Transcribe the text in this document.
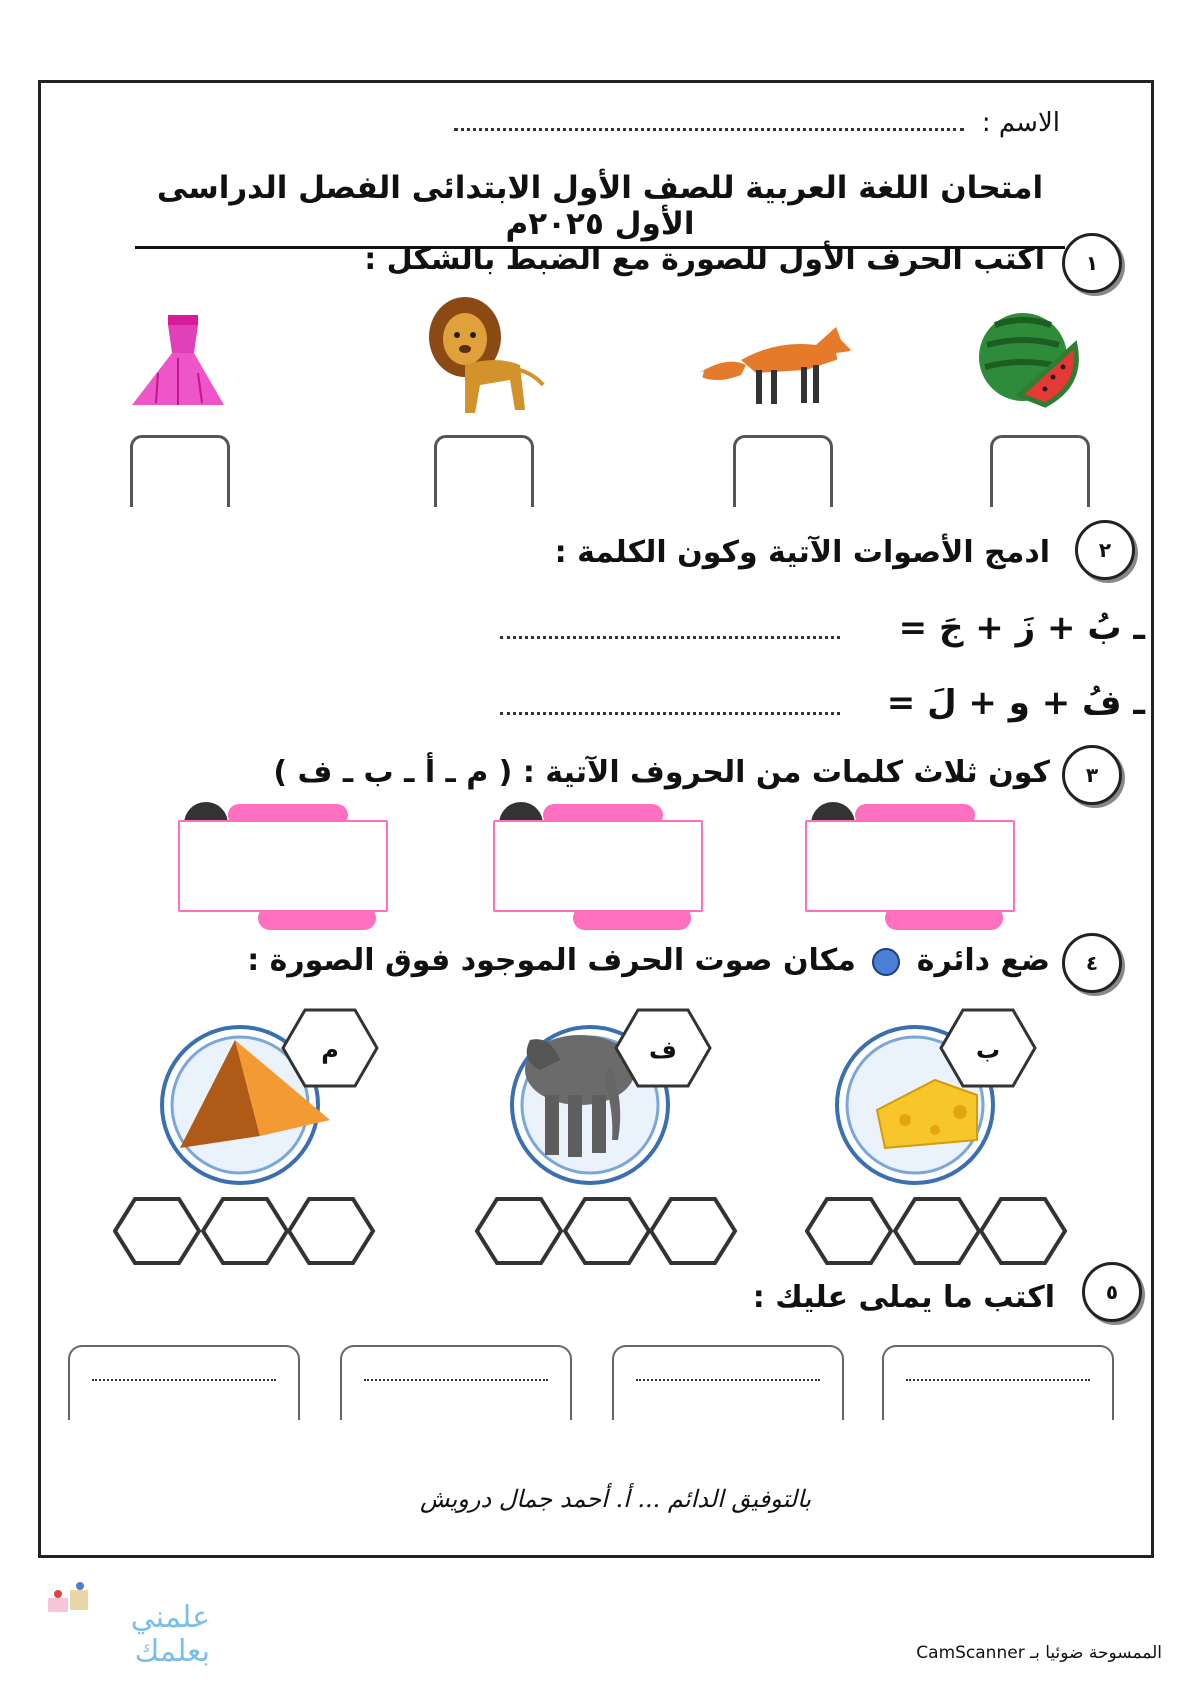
الاسم :
امتحان اللغة العربية للصف الأول الابتدائى الفصل الدراسى الأول ٢٠٢٥م
١
اكتب الحرف الأول للصورة مع الضبط بالشكل :
٢
ادمج الأصوات الآتية وكون الكلمة :
ـ بُ + زَ + جَ =
ـ فُ + و + لَ =
٣
كون ثلاث كلمات من الحروف الآتية : ( م ـ أ ـ ب ـ ف )
٤
ضع دائرة  مكان صوت الحرف الموجود فوق الصورة :
ب
ف
م
٥
اكتب ما يملى عليك :
بالتوفيق الدائم ... أ. أحمد جمال درويش
علمني
بعلمك	الممسوحة ضوئيا بـ CamScanner
